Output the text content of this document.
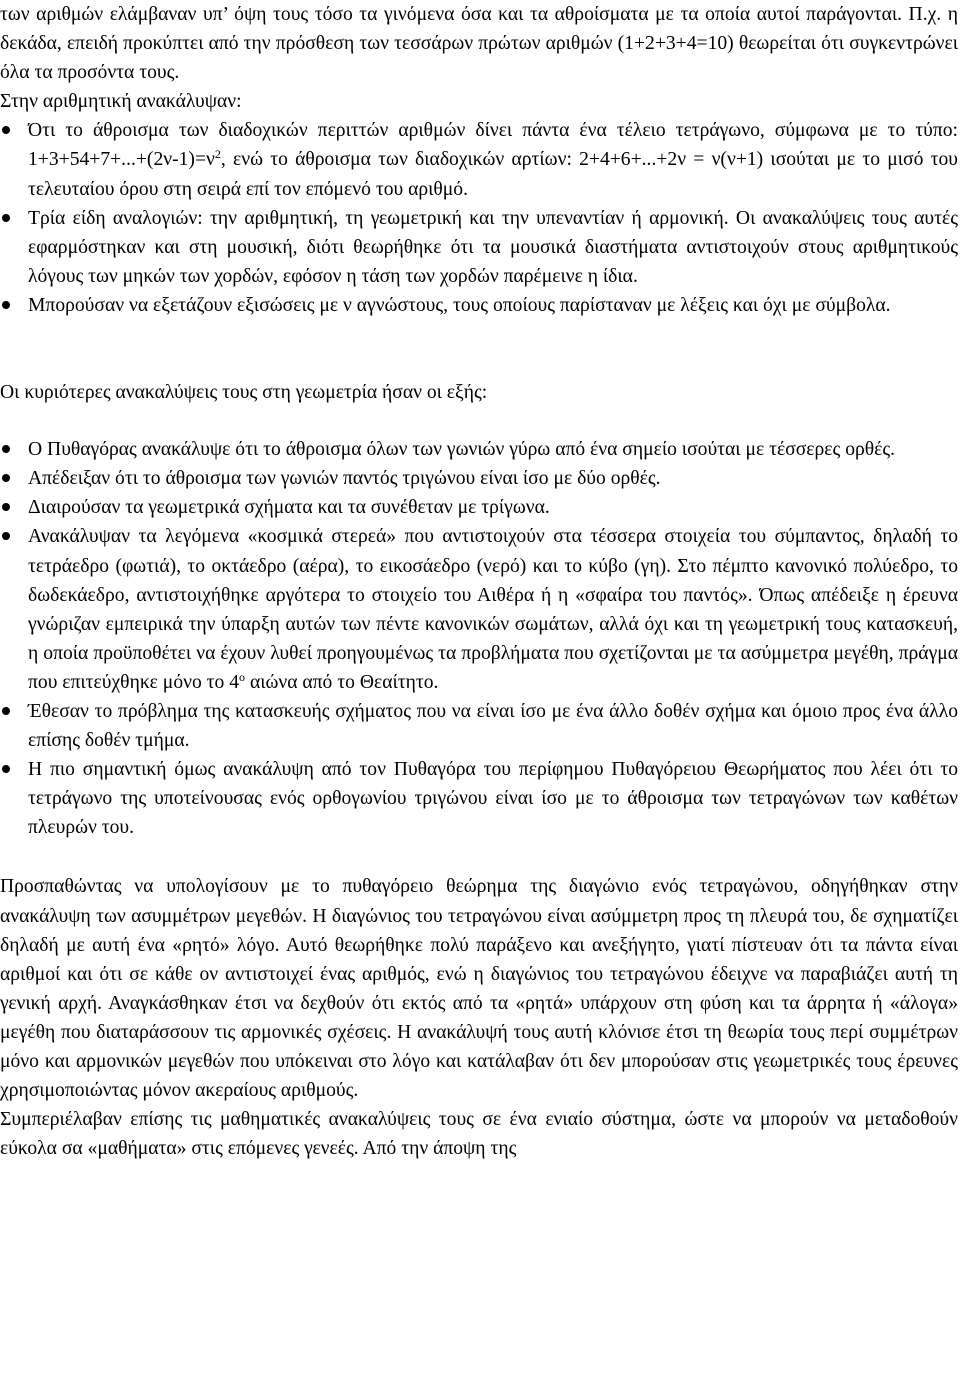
των αριθμών ελάμβαναν υπ’ όψη τους τόσο τα γινόμενα όσα και τα αθροίσματα με τα οποία αυτοί παράγονται. Π.χ. η δεκάδα, επειδή προκύπτει από την πρόσθεση των τεσσάρων πρώτων αριθμών (1+2+3+4=10) θεωρείται ότι συγκεντρώνει όλα τα προσόντα τους.

Στην αριθμητική ανακάλυψαν:

Ότι το άθροισμα των διαδοχικών περιττών αριθμών δίνει πάντα ένα τέλειο τετράγωνο, σύμφωνα με το τύπο: $1+3+54+7+...+(2\nu-1)=\nu^2$, ενώ το άθροισμα των διαδοχικών αρτίων: 2+4+6+...+2ν = ν(ν+1) ισούται με το μισό του τελευταίου όρου στη σειρά επί τον επόμενό του αριθμό.
Τρία είδη αναλογιών: την αριθμητική, τη γεωμετρική και την υπεναντίαν ή αρμονική. Οι ανακαλύψεις τους αυτές εφαρμόστηκαν και στη μουσική, διότι θεωρήθηκε ότι τα μουσικά διαστήματα αντιστοιχούν στους αριθμητικούς λόγους των μηκών των χορδών, εφόσον η τάση των χορδών παρέμεινε η ίδια.
Μπορούσαν να εξετάζουν εξισώσεις με ν αγνώστους, τους οποίους παρίσταναν με λέξεις και όχι με σύμβολα.

Οι κυριότερες ανακαλύψεις τους στη γεωμετρία ήσαν οι εξής:

Ο Πυθαγόρας ανακάλυψε ότι το άθροισμα όλων των γωνιών γύρω από ένα σημείο ισούται με τέσσερες ορθές.
Απέδειξαν ότι το άθροισμα των γωνιών παντός τριγώνου είναι ίσο με δύο ορθές.
Διαιρούσαν τα γεωμετρικά σχήματα και τα συνέθεταν με τρίγωνα.
Ανακάλυψαν τα λεγόμενα «κοσμικά στερεά» που αντιστοιχούν στα τέσσερα στοιχεία του σύμπαντος, δηλαδή το τετράεδρο (φωτιά), το οκτάεδρο (αέρα), το εικοσάεδρο (νερό) και το κύβο (γη). Στο πέμπτο κανονικό πολύεδρο, το δωδεκάεδρο, αντιστοιχήθηκε αργότερα το στοιχείο του Αιθέρα ή η «σφαίρα του παντός». Όπως απέδειξε η έρευνα γνώριζαν εμπειρικά την ύπαρξη αυτών των πέντε κανονικών σωμάτων, αλλά όχι και τη γεωμετρική τους κατασκευή, η οποία προϋποθέτει να έχουν λυθεί προηγουμένως τα προβλήματα που σχετίζονται με τα ασύμμετρα μεγέθη, πράγμα που επιτεύχθηκε μόνο το $4^o$ αιώνα από το Θεαίτητο.
Έθεσαν το πρόβλημα της κατασκευής σχήματος που να είναι ίσο με ένα άλλο δοθέν σχήμα και όμοιο προς ένα άλλο επίσης δοθέν τμήμα.
Η πιο σημαντική όμως ανακάλυψη από τον Πυθαγόρα του περίφημου Πυθαγόρειου Θεωρήματος που λέει ότι το τετράγωνο της υποτείνουσας ενός ορθογωνίου τριγώνου είναι ίσο με το άθροισμα των τετραγώνων των καθέτων πλευρών του.

Προσπαθώντας να υπολογίσουν με το πυθαγόρειο θεώρημα της διαγώνιο ενός τετραγώνου, οδηγήθηκαν στην ανακάλυψη των ασυμμέτρων μεγεθών. Η διαγώνιος του τετραγώνου είναι ασύμμετρη προς τη πλευρά του, δε σχηματίζει δηλαδή με αυτή ένα «ρητό» λόγο. Αυτό θεωρήθηκε πολύ παράξενο και ανεξήγητο, γιατί πίστευαν ότι τα πάντα είναι αριθμοί και ότι σε κάθε ον αντιστοιχεί ένας αριθμός, ενώ η διαγώνιος του τετραγώνου έδειχνε να παραβιάζει αυτή τη γενική αρχή. Αναγκάσθηκαν έτσι να δεχθούν ότι εκτός από τα «ρητά» υπάρχουν στη φύση και τα άρρητα ή «άλογα» μεγέθη που διαταράσσουν τις αρμονικές σχέσεις. Η ανακάλυψή τους αυτή κλόνισε έτσι τη θεωρία τους περί συμμέτρων μόνο και αρμονικών μεγεθών που υπόκειναι στο λόγο και κατάλαβαν ότι δεν μπορούσαν στις γεωμετρικές τους έρευνες χρησιμοποιώντας μόνον ακεραίους αριθμούς.

Συμπεριέλαβαν επίσης τις μαθηματικές ανακαλύψεις τους σε ένα ενιαίο σύστημα, ώστε να μπορούν να μεταδοθούν εύκολα σα «μαθήματα» στις επόμενες γενεές. Από την άποψη της
